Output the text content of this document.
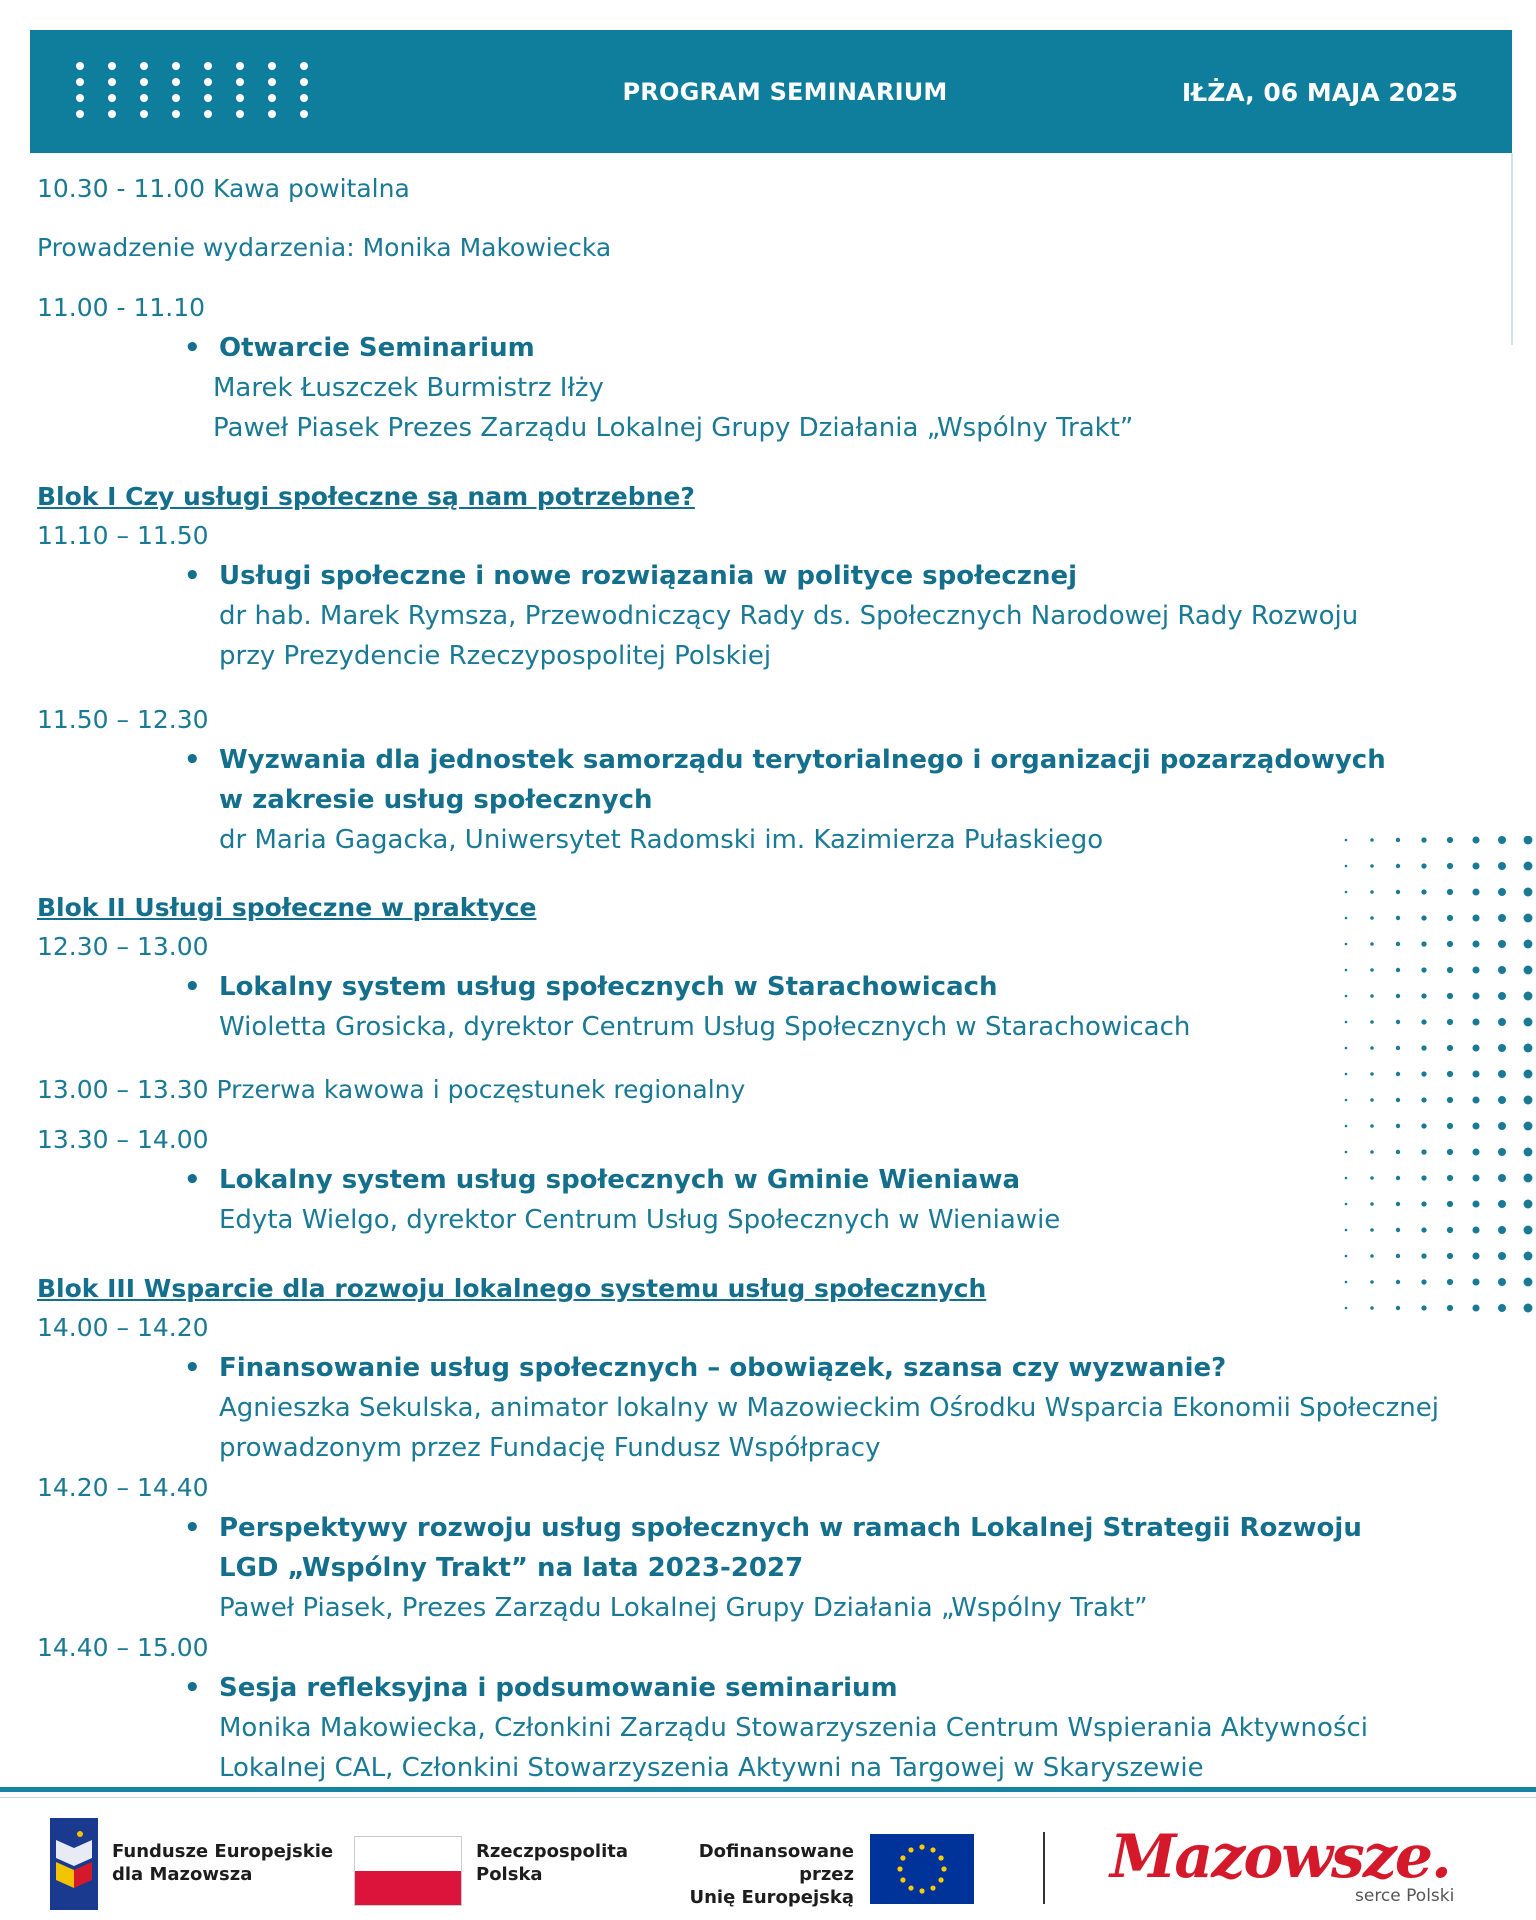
PROGRAM SEMINARIUM	IŁŻA, 06 MAJA 2025
10.30 - 11.00 Kawa powitalna
Prowadzenie wydarzenia: Monika Makowiecka
11.00 - 11.10
• Otwarcie Seminarium
Marek Łuszczek Burmistrz Iłży
Paweł Piasek Prezes Zarządu Lokalnej Grupy Działania „Wspólny Trakt”
Blok I Czy usługi społeczne są nam potrzebne?
11.10 – 11.50
• Usługi społeczne i nowe rozwiązania w polityce społecznej
dr hab. Marek Rymsza, Przewodniczący Rady ds. Społecznych Narodowej Rady Rozwoju
przy Prezydencie Rzeczypospolitej Polskiej
11.50 – 12.30
• Wyzwania dla jednostek samorządu terytorialnego i organizacji pozarządowych
w zakresie usług społecznych
dr Maria Gagacka, Uniwersytet Radomski im. Kazimierza Pułaskiego
Blok II Usługi społeczne w praktyce
12.30 – 13.00
• Lokalny system usług społecznych w Starachowicach
Wioletta Grosicka, dyrektor Centrum Usług Społecznych w Starachowicach
13.00 – 13.30 Przerwa kawowa i poczęstunek regionalny
13.30 – 14.00
• Lokalny system usług społecznych w Gminie Wieniawa
Edyta Wielgo, dyrektor Centrum Usług Społecznych w Wieniawie
Blok III Wsparcie dla rozwoju lokalnego systemu usług społecznych
14.00 – 14.20
• Finansowanie usług społecznych – obowiązek, szansa czy wyzwanie?
Agnieszka Sekulska, animator lokalny w Mazowieckim Ośrodku Wsparcia Ekonomii Społecznej
prowadzonym przez Fundację Fundusz Współpracy
14.20 – 14.40
• Perspektywy rozwoju usług społecznych w ramach Lokalnej Strategii Rozwoju
LGD „Wspólny Trakt” na lata 2023-2027
Paweł Piasek, Prezes Zarządu Lokalnej Grupy Działania „Wspólny Trakt”
14.40 – 15.00
• Sesja refleksyjna i podsumowanie seminarium
Monika Makowiecka, Członkini Zarządu Stowarzyszenia Centrum Wspierania Aktywności
Lokalnej CAL, Członkini Stowarzyszenia Aktywni na Targowej w Skaryszewie
Fundusze Europejskie
dla Mazowsza
Rzeczpospolita
Polska
Dofinansowane przez
Unię Europejską
Mazowsze.
serce Polski
